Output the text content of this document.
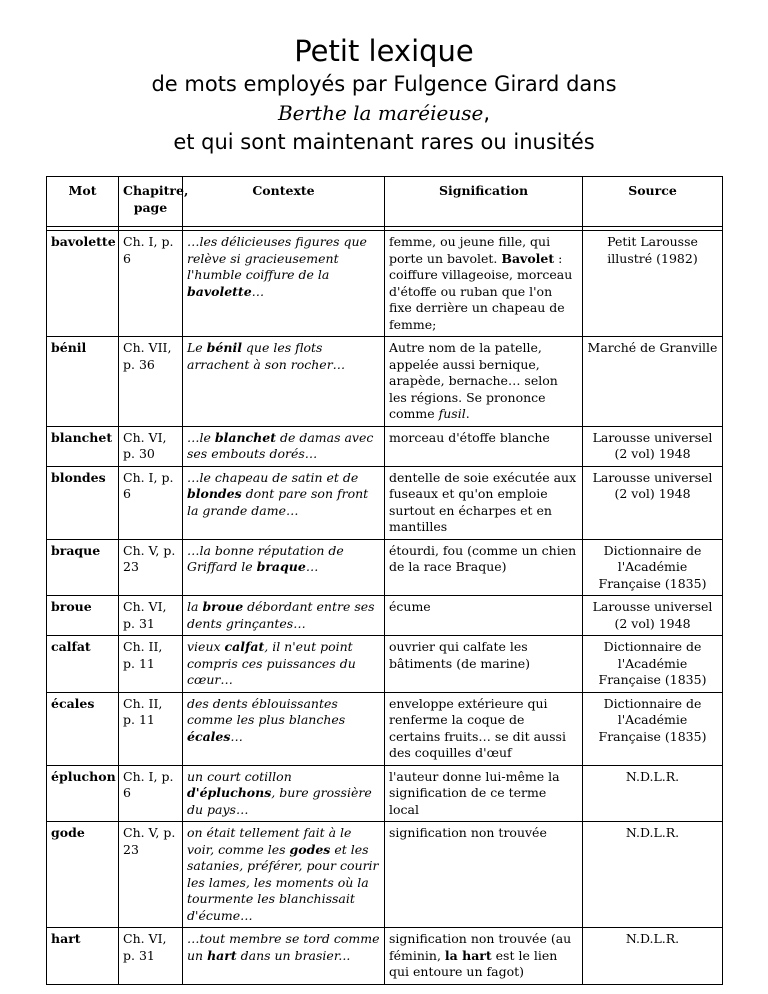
Petit lexique
de mots employés par Fulgence Girard dans
Berthe la maréieuse,
et qui sont maintenant rares ou inusités
Mot	Chapitre, page	Contexte	Signification	Source

bavolette	Ch. I, p. 6	…les délicieuses figures que relève si gracieusement l'humble coiffure de la bavolette…	femme, ou jeune fille, qui porte un bavolet. Bavolet : coiffure villageoise, morceau d'étoffe ou ruban que l'on fixe derrière un chapeau de femme;	Petit Larousse illustré (1982)
bénil	Ch. VII, p. 36	Le bénil que les flots arrachent à son rocher…	Autre nom de la patelle, appelée aussi bernique, arapède, bernache… selon les régions. Se prononce comme fusil.	Marché de Granville
blanchet	Ch. VI, p. 30	…le blanchet de damas avec ses embouts dorés…	morceau d'étoffe blanche	Larousse universel (2 vol) 1948
blondes	Ch. I, p. 6	…le chapeau de satin et de blondes dont pare son front la grande dame…	dentelle de soie exécutée aux fuseaux et qu'on emploie surtout en écharpes et en mantilles	Larousse universel (2 vol) 1948
braque	Ch. V, p. 23	…la bonne réputation de Griffard le braque…	étourdi, fou (comme un chien de la race Braque)	Dictionnaire de l'Académie Française (1835)
broue	Ch. VI, p. 31	la broue débordant entre ses dents grinçantes…	écume	Larousse universel (2 vol) 1948
calfat	Ch. II, p. 11	vieux calfat, il n'eut point compris ces puissances du cœur…	ouvrier qui calfate les bâtiments (de marine)	Dictionnaire de l'Académie Française (1835)
écales	Ch. II, p. 11	des dents éblouissantes comme les plus blanches écales…	enveloppe extérieure qui renferme la coque de certains fruits… se dit aussi des coquilles d'œuf	Dictionnaire de l'Académie Française (1835)
épluchon	Ch. I, p. 6	un court cotillon d'épluchons, bure grossière du pays…	l'auteur donne lui-même la signification de ce terme local	N.D.L.R.
gode	Ch. V, p. 23	on était tellement fait à le voir, comme les godes et les satanies, préférer, pour courir les lames, les moments où la tourmente les blanchissait d'écume…	signification non trouvée	N.D.L.R.
hart	Ch. VI, p. 31	…tout membre se tord comme un hart dans un brasier...	signification non trouvée (au féminin, la hart est le lien qui entoure un fagot)	N.D.L.R.
